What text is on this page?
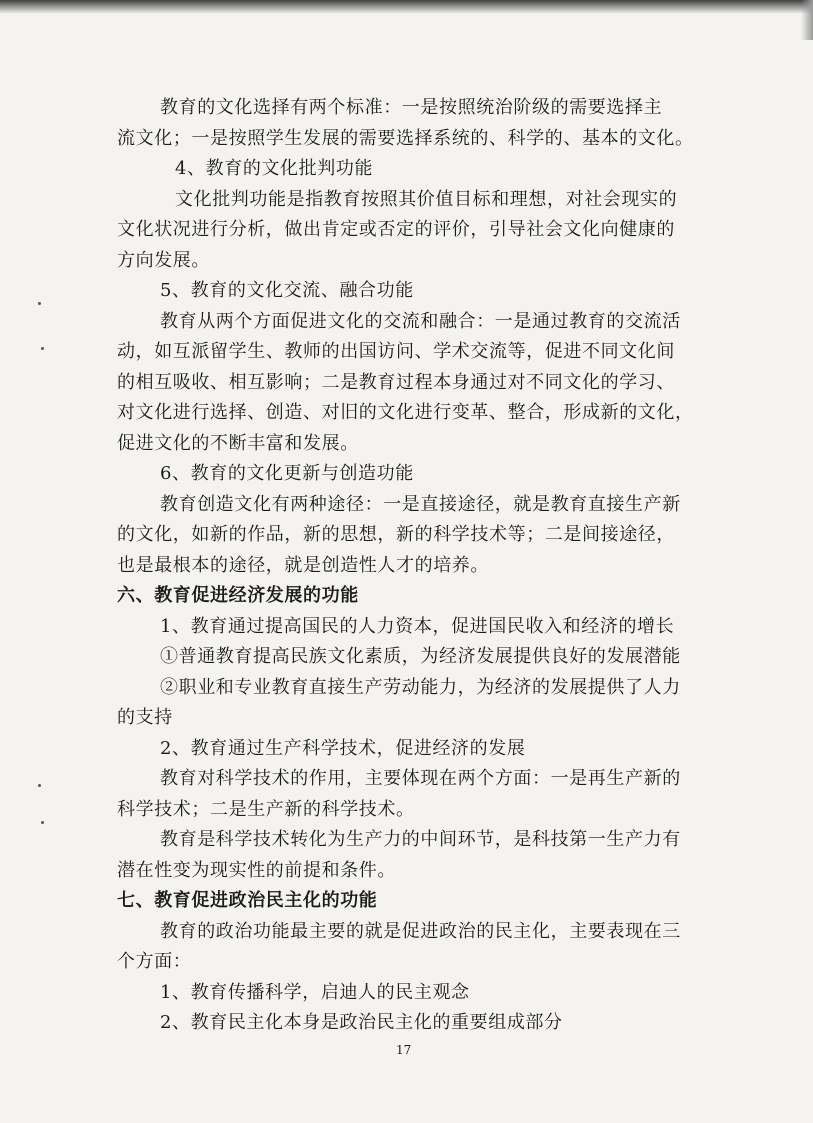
教育的文化选择有两个标准：一是按照统治阶级的需要选择主
流文化；一是按照学生发展的需要选择系统的、科学的、基本的文化。
4、教育的文化批判功能
文化批判功能是指教育按照其价值目标和理想，对社会现实的
文化状况进行分析，做出肯定或否定的评价，引导社会文化向健康的
方向发展。
5、教育的文化交流、融合功能
教育从两个方面促进文化的交流和融合：一是通过教育的交流活
动，如互派留学生、教师的出国访问、学术交流等，促进不同文化间
的相互吸收、相互影响；二是教育过程本身通过对不同文化的学习、
对文化进行选择、创造、对旧的文化进行变革、整合，形成新的文化，
促进文化的不断丰富和发展。
6、教育的文化更新与创造功能
教育创造文化有两种途径：一是直接途径，就是教育直接生产新
的文化，如新的作品，新的思想，新的科学技术等；二是间接途径，
也是最根本的途径，就是创造性人才的培养。
六、教育促进经济发展的功能
1、教育通过提高国民的人力资本，促进国民收入和经济的增长
①普通教育提高民族文化素质，为经济发展提供良好的发展潜能
②职业和专业教育直接生产劳动能力，为经济的发展提供了人力
的支持
2、教育通过生产科学技术，促进经济的发展
教育对科学技术的作用，主要体现在两个方面：一是再生产新的
科学技术；二是生产新的科学技术。
教育是科学技术转化为生产力的中间环节，是科技第一生产力有
潜在性变为现实性的前提和条件。
七、教育促进政治民主化的功能
教育的政治功能最主要的就是促进政治的民主化，主要表现在三
个方面：
1、教育传播科学，启迪人的民主观念
2、教育民主化本身是政治民主化的重要组成部分
17
